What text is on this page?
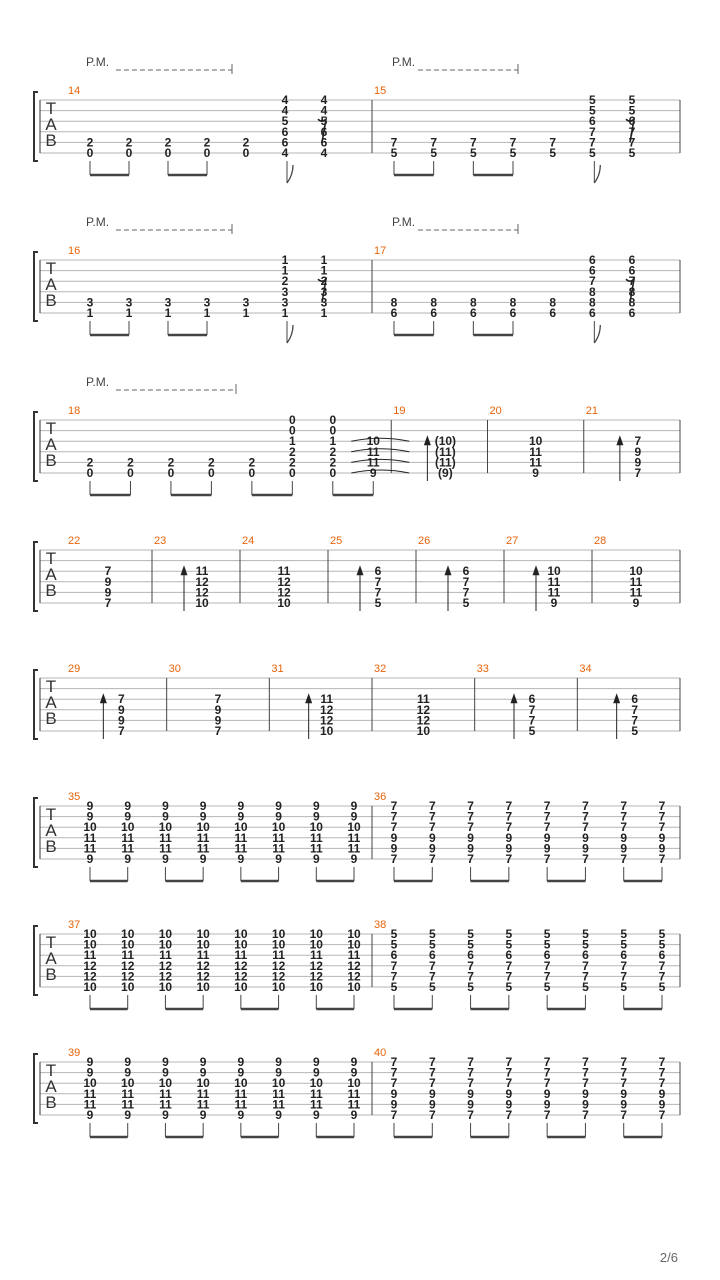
T
A
B
14
2
0
2
0
2
0
2
0
2
0
4
4
5
6
6
4
4
4
5
6
6
4
P.M.
15
7
5
7
5
7
5
7
5
7
5
5
5
6
7
7
5
5
5
6
7
7
5
P.M.
T
A
B
16
3
1
3
1
3
1
3
1
3
1
1
1
2
3
3
1
1
1
2
3
3
1
P.M.
17
8
6
8
6
8
6
8
6
8
6
6
6
7
8
8
6
6
6
7
8
8
6
P.M.
T
A
B
18
2
0
2
0
2
0
2
0
2
0
0
0
1
2
2
0
0
0
1
2
2
0
10
11
11
9
P.M.
19
(10)
(11)
(11)
(9)
20
10
11
11
9
21
7
9
9
7
T
A
B
22
7
9
9
7
23
11
12
12
10
24
11
12
12
10
25
6
7
7
5
26
6
7
7
5
27
10
11
11
9
28
10
11
11
9
T
A
B
29
7
9
9
7
30
7
9
9
7
31
11
12
12
10
32
11
12
12
10
33
6
7
7
5
34
6
7
7
5
T
A
B
35
9
9
10
11
11
9
9
9
10
11
11
9
9
9
10
11
11
9
9
9
10
11
11
9
9
9
10
11
11
9
9
9
10
11
11
9
9
9
10
11
11
9
9
9
10
11
11
9
36
7
7
7
9
9
7
7
7
7
9
9
7
7
7
7
9
9
7
7
7
7
9
9
7
7
7
7
9
9
7
7
7
7
9
9
7
7
7
7
9
9
7
7
7
7
9
9
7
T
A
B
37
10
10
11
12
12
10
10
10
11
12
12
10
10
10
11
12
12
10
10
10
11
12
12
10
10
10
11
12
12
10
10
10
11
12
12
10
10
10
11
12
12
10
10
10
11
12
12
10
38
5
5
6
7
7
5
5
5
6
7
7
5
5
5
6
7
7
5
5
5
6
7
7
5
5
5
6
7
7
5
5
5
6
7
7
5
5
5
6
7
7
5
5
5
6
7
7
5
T
A
B
39
9
9
10
11
11
9
9
9
10
11
11
9
9
9
10
11
11
9
9
9
10
11
11
9
9
9
10
11
11
9
9
9
10
11
11
9
9
9
10
11
11
9
9
9
10
11
11
9
40
7
7
7
9
9
7
7
7
7
9
9
7
7
7
7
9
9
7
7
7
7
9
9
7
7
7
7
9
9
7
7
7
7
9
9
7
7
7
7
9
9
7
7
7
7
9
9
7
2/6
